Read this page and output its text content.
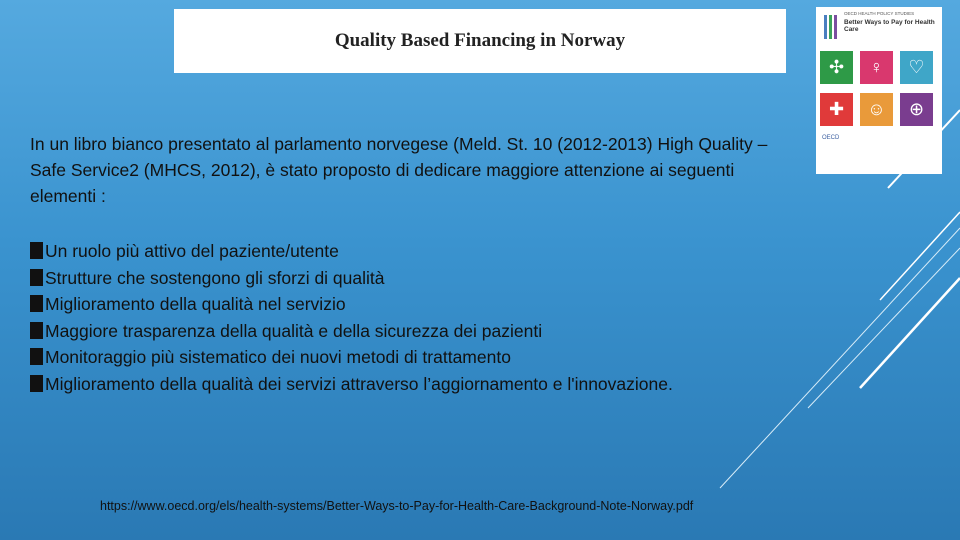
Quality Based Financing in Norway
OECD HEALTH POLICY STUDIES
Better Ways to Pay for Health Care
✣	♀	♡
✚	☺	⊕
OECD
In un libro bianco presentato al parlamento norvegese (Meld. St. 10 (2012-2013) High Quality – Safe Service2 (MHCS, 2012), è stato proposto di dedicare maggiore attenzione ai seguenti elementi :
Un ruolo più attivo del paziente/utente
Strutture che sostengono gli sforzi di qualità
Miglioramento della qualità nel servizio
Maggiore trasparenza della qualità e della sicurezza dei pazienti
Monitoraggio più sistematico dei nuovi metodi di trattamento
Miglioramento della qualità dei servizi attraverso l’aggiornamento e l'innovazione.
https://www.oecd.org/els/health-systems/Better-Ways-to-Pay-for-Health-Care-Background-Note-Norway.pdf
